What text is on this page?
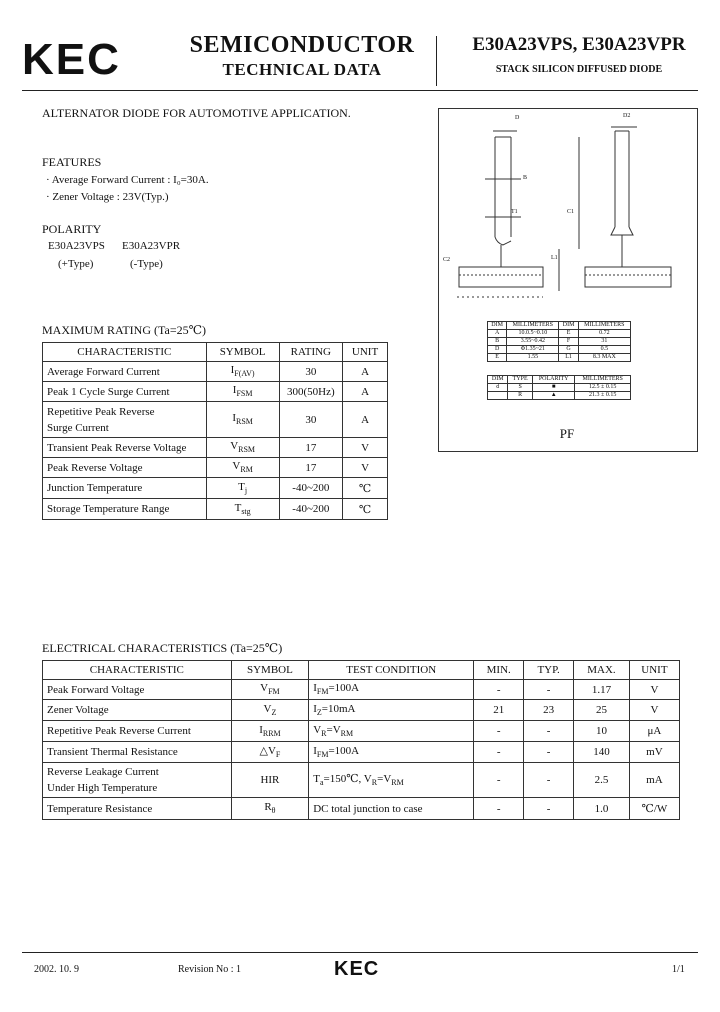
KEC	SEMICONDUCTOR
TECHNICAL DATA
E30A23VPS, E30A23VPR
STACK SILICON DIFFUSED DIODE
ALTERNATOR DIODE FOR AUTOMOTIVE APPLICATION.
FEATURES
· Average Forward Current : I₀=30A.
· Zener Voltage : 23V(Typ.)
POLARITY
E30A23VPS E30A23VPR
(+Type)	(-Type)
MAXIMUM RATING (Ta=25℃)
CHARACTERISTIC	SYMBOL	RATING	UNIT
Average Forward Current	$I_{F(AV)}$	30	A
Peak 1 Cycle Surge Current	$I_{FSM}$	300(50Hz)	A
Repetitive Peak Reverse
Surge Current	$I_{RSM}$	30	A
Transient Peak Reverse Voltage	$V_{RSM}$	17	V
Peak Reverse Voltage	$V_{RM}$	17	V
Junction Temperature	$T_j$	-40~200	℃
Storage Temperature Range	$T_{stg}$	-40~200	℃
D	D2
B
T1	C1
L1
C2
DIM	MILLIMETERS	DIM	MILLIMETERS
A	10.0.5~0.10	E	0.72
B	3.55~0.42	F	31
D	Φ1.35~21	G	0.5
E	1.55	L1	8.3 MAX
DIM	TYPE	POLARITY	MILLIMETERS
d	S	■	12.5 ± 0.15
	R	▲	21.3 ± 0.15
PF
ELECTRICAL CHARACTERISTICS (Ta=25℃)
CHARACTERISTIC	SYMBOL	TEST CONDITION	MIN.	TYP.	MAX.	UNIT
Peak Forward Voltage	$V_{FM}$	$I_{FM}=100A$	-	-	1.17	V
Zener Voltage	$V_Z$	$I_Z=10mA$	21	23	25	V
Repetitive Peak Reverse Current	$I_{RRM}$	$V_R=V_{RM}$	-	-	10	μA
Transient Thermal Resistance	$\triangle V_F$	$I_{FM}=100A$	-	-	140	mV
Reverse Leakage Current
Under High Temperature	HIR	$T_a=150℃$, $V_R=V_{RM}$	-	-	2.5	mA
Temperature Resistance	$R_\theta$	DC total junction to case	-	-	1.0	℃/W
2002. 10. 9	Revision No : 1	KEC	1/1
